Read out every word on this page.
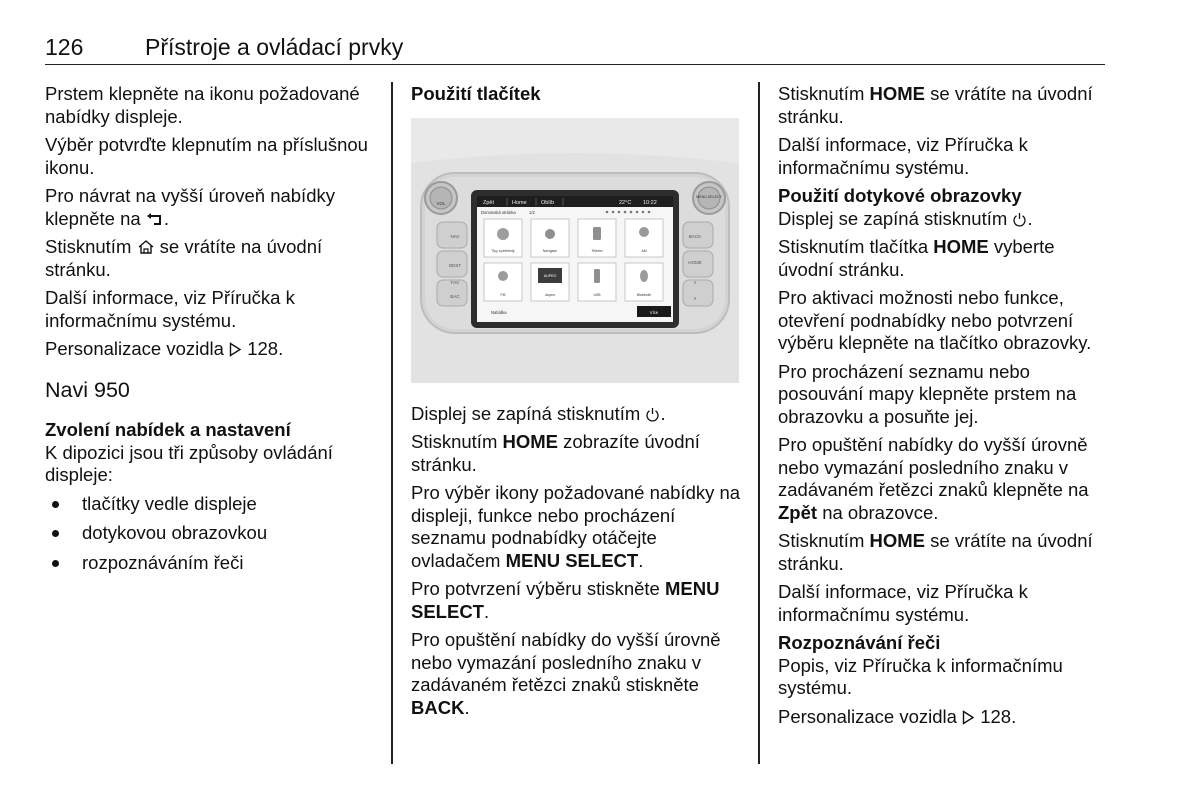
126	Přístroje a ovládací prvky

Prstem klepněte na ikonu požadované nabídky displeje.

Výběr potvrďte klepnutím na příslušnou ikonu.

Pro návrat na vyšší úroveň nabídky klepněte na .

Stisknutím se vrátíte na úvodní stránku.

Další informace, viz Příručka k informačnímu systému.

Personalizace vozidla 128.

Navi 950
Zvolení nabídek a nastavení

K dipozici jsou tři způsoby ovládání displeje:

tlačítky vedle displeje
dotykovou obrazovkou
rozpoznáváním řeči
Použití tlačítek
VOL
MENU SELECT
NAV
DEST
FAV
BAC
BACK
HOME
»
«
Zpět	Home	Oblíb	22°C 10:22
Domovská stránka	1/2
Tipy a přehledy	Navigace	Telefon	AM
FM
AUPEO
Aupeo	USB	Bluetooth
Nabídka	Více

Displej se zapíná stisknutím .

Stisknutím HOME zobrazíte úvodní stránku.

Pro výběr ikony požadované nabídky na displeji, funkce nebo procházení seznamu podnabídky otáčejte ovladačem MENU SELECT.

Pro potvrzení výběru stiskněte MENU SELECT.

Pro opuštění nabídky do vyšší úrovně nebo vymazání posledního znaku v zadávaném řetězci znaků stiskněte BACK.

Stisknutím HOME se vrátíte na úvodní stránku.

Další informace, viz Příručka k informačnímu systému.

Použití dotykové obrazovky

Displej se zapíná stisknutím .

Stisknutím tlačítka HOME vyberte úvodní stránku.

Pro aktivaci možnosti nebo funkce, otevření podnabídky nebo potvrzení výběru klepněte na tlačítko obrazovky.

Pro procházení seznamu nebo posouvání mapy klepněte prstem na obrazovku a posuňte jej.

Pro opuštění nabídky do vyšší úrovně nebo vymazání posledního znaku v zadávaném řetězci znaků klepněte na Zpět na obrazovce.

Stisknutím HOME se vrátíte na úvodní stránku.

Další informace, viz Příručka k informačnímu systému.

Rozpoznávání řeči

Popis, viz Příručka k informačnímu systému.

Personalizace vozidla 128.
